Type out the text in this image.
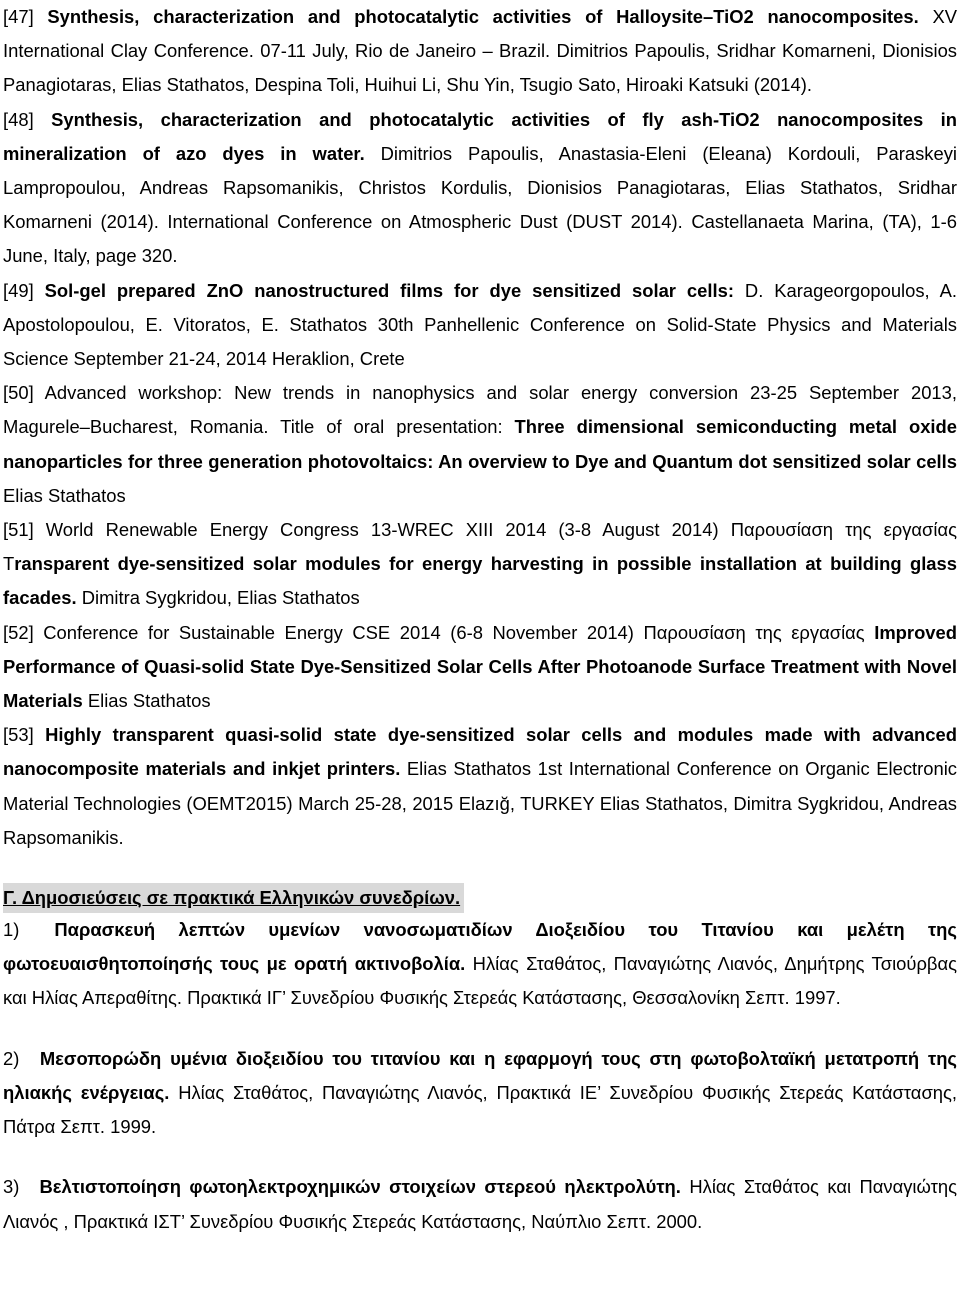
[47] Synthesis, characterization and photocatalytic activities of Halloysite–TiO2 nanocomposites. XV International Clay Conference. 07-11 July, Rio de Janeiro – Brazil. Dimitrios Papoulis, Sridhar Komarneni, Dionisios Panagiotaras, Elias Stathatos, Despina Toli, Huihui Li, Shu Yin, Tsugio Sato, Hiroaki Katsuki (2014).

[48] Synthesis, characterization and photocatalytic activities of fly ash-TiO2 nanocomposites in mineralization of azo dyes in water. Dimitrios Papoulis, Anastasia-Eleni (Eleana) Kordouli, Paraskeyi Lampropoulou, Andreas Rapsomanikis, Christos Kordulis, Dionisios Panagiotaras, Elias Stathatos, Sridhar Komarneni (2014). International Conference on Atmospheric Dust (DUST 2014). Castellanaeta Marina, (TA), 1-6 June, Italy, page 320.

[49] Sol-gel prepared ZnO nanostructured films for dye sensitized solar cells: D. Karageorgopoulos, A. Apostolopoulou, E. Vitoratos, E. Stathatos 30th Panhellenic Conference on Solid-State Physics and Materials Science September 21-24, 2014 Heraklion, Crete

[50] Advanced workshop: New trends in nanophysics and solar energy conversion 23-25 September 2013, Magurele–Bucharest, Romania. Title of oral presentation: Three dimensional semiconducting metal oxide nanoparticles for three generation photovoltaics: An overview to Dye and Quantum dot sensitized solar cells Elias Stathatos

[51] World Renewable Energy Congress 13-WREC XIII 2014 (3-8 August 2014) Παρουσίαση της εργασίας Transparent dye-sensitized solar modules for energy harvesting in possible installation at building glass facades. Dimitra Sygkridou, Elias Stathatos

[52] Conference for Sustainable Energy CSE 2014 (6-8 November 2014) Παρουσίαση της εργασίας Improved Performance of Quasi-solid State Dye-Sensitized Solar Cells After Photoanode Surface Treatment with Novel Materials Elias Stathatos

[53] Highly transparent quasi-solid state dye-sensitized solar cells and modules made with advanced nanocomposite materials and inkjet printers. Elias Stathatos 1st International Conference on Organic Electronic Material Technologies (OEMT2015) March 25-28, 2015 Elazığ, TURKEY Elias Stathatos, Dimitra Sygkridou, Andreas Rapsomanikis.

Γ. Δημοσιεύσεις σε πρακτικά Ελληνικών συνεδρίων.

1) Παρασκευή λεπτών υμενίων νανοσωματιδίων Διοξειδίου του Τιτανίου και μελέτη της φωτοευαισθητοποίησής τους με ορατή ακτινοβολία. Ηλίας Σταθάτος, Παναγιώτης Λιανός, Δημήτρης Τσιούρβας και Ηλίας Απεραθίτης. Πρακτικά ΙΓ’ Συνεδρίου Φυσικής Στερεάς Κατάστασης, Θεσσαλονίκη Σεπτ. 1997.

2) Μεσοπορώδη υμένια διοξειδίου του τιτανίου και η εφαρμογή τους στη φωτοβολταϊκή μετατροπή της ηλιακής ενέργειας. Ηλίας Σταθάτος, Παναγιώτης Λιανός, Πρακτικά ΙΕ’ Συνεδρίου Φυσικής Στερεάς Κατάστασης, Πάτρα Σεπτ. 1999.

3) Βελτιστοποίηση φωτοηλεκτροχημικών στοιχείων στερεού ηλεκτρολύτη. Ηλίας Σταθάτος και Παναγιώτης Λιανός , Πρακτικά ΙΣΤ’ Συνεδρίου Φυσικής Στερεάς Κατάστασης, Ναύπλιο Σεπτ. 2000.
